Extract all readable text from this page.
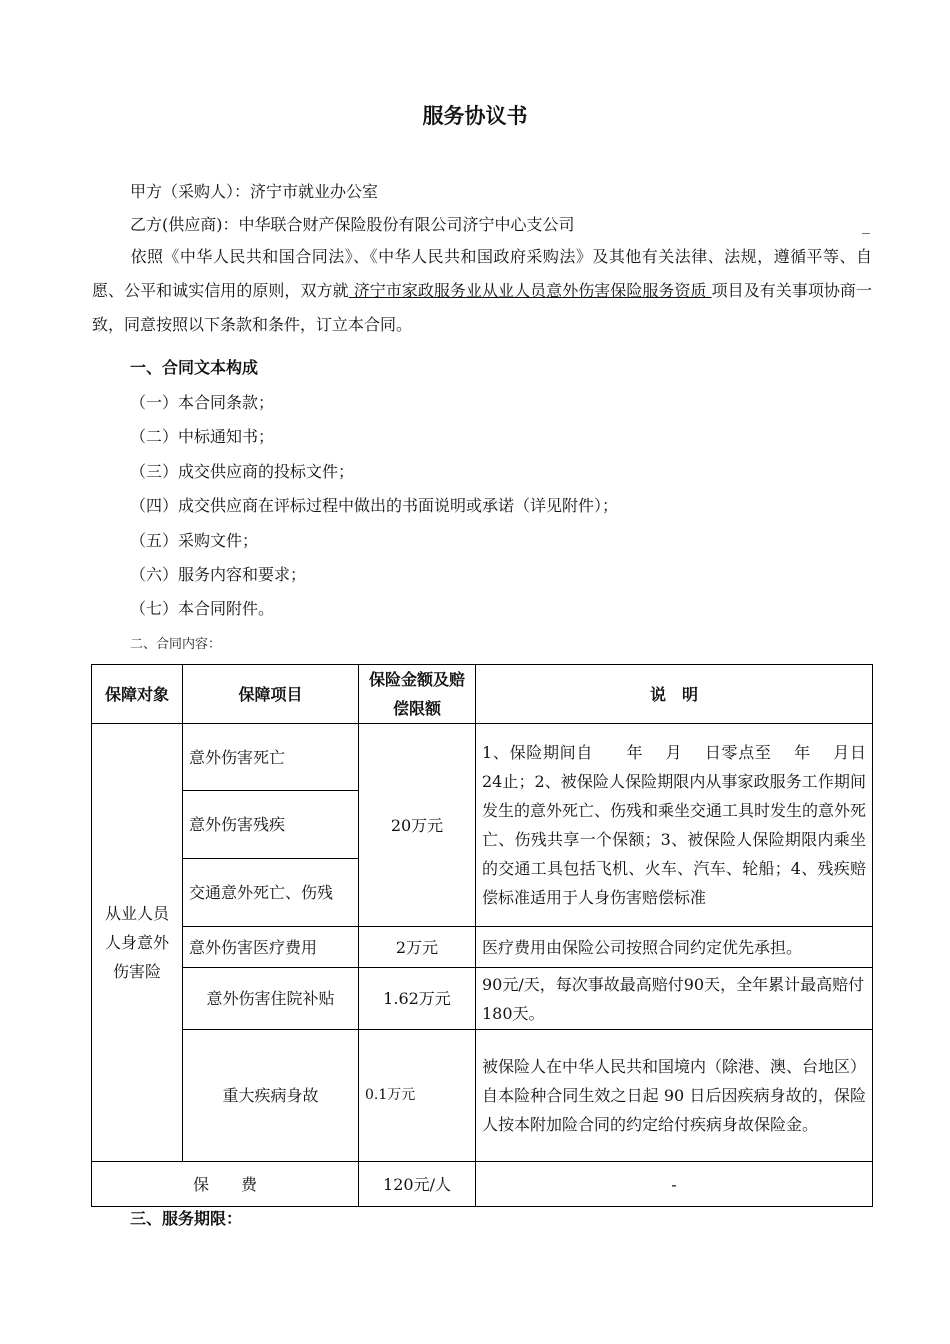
服务协议书
甲方（采购人）：济宁市就业办公室
乙方(供应商)：中华联合财产保险股份有限公司济宁中心支公司	_
依照《中华人民共和国合同法》、《中华人民共和国政府采购法》及其他有关法律、法规，遵循平等、自愿、公平和诚实信用的原则，双方就 济宁市家政服务业从业人员意外伤害保险服务资质 项目及有关事项协商一致，同意按照以下条款和条件，订立本合同。
一、合同文本构成
（一）本合同条款；
（二）中标通知书；
（三）成交供应商的投标文件；
（四）成交供应商在评标过程中做出的书面说明或承诺（详见附件）；
（五）采购文件；
（六）服务内容和要求；
（七）本合同附件。
二、合同内容：
保障对象	保障项目	保险金额及赔偿限额	说　明
从业人员人身意外伤害险	意外伤害死亡	20万元	1、保险期间自　　年　 月　 日零点至　 年　 月日24止；2、被保险人保险期限内从事家政服务工作期间发生的意外死亡、伤残和乘坐交通工具时发生的意外死亡、伤残共享一个保额；3、被保险人保险期限内乘坐的交通工具包括飞机、火车、汽车、轮船；4、残疾赔偿标准适用于人身伤害赔偿标准
	意外伤害残疾		
	交通意外死亡、伤残		
	意外伤害医疗费用	2万元	医疗费用由保险公司按照合同约定优先承担。
	意外伤害住院补贴	1.62万元	90元/天，每次事故最高赔付90天，全年累计最高赔付180天。
	重大疾病身故	0.1万元	被保险人在中华人民共和国境内（除港、澳、台地区）自本险种合同生效之日起 90 日后因疾病身故的，保险人按本附加险合同的约定给付疾病身故保险金。
保　　费		120元/人	-
三、服务期限：
